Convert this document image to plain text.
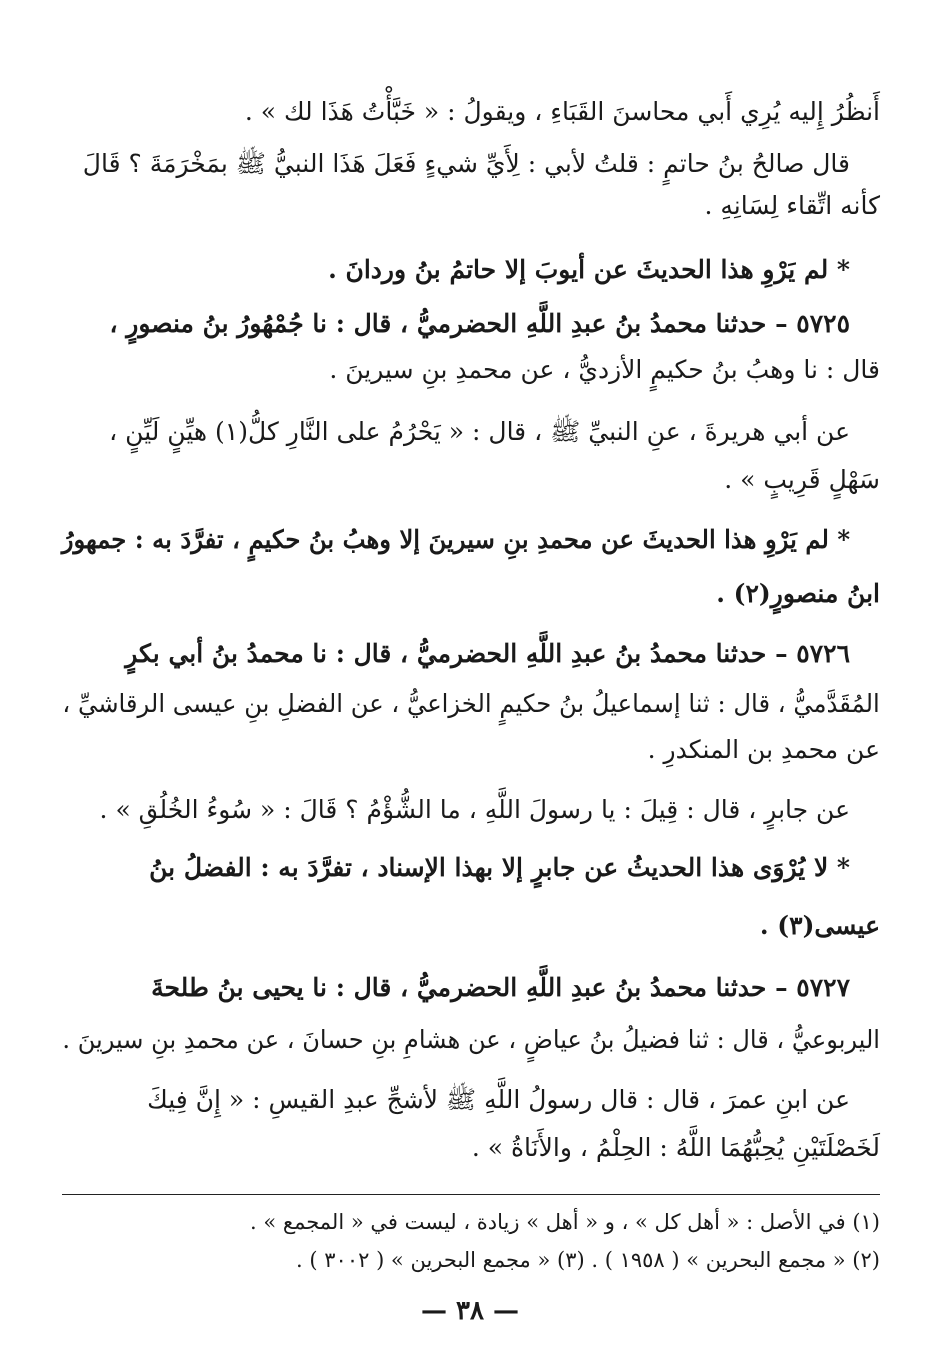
أَنظُرُ إِليه يُرِي أَبي محاسنَ القَبَاءِ ، ويقولُ : « خَبَّأْتُ هَذَا لك » .
قال صالحُ بنُ حاتمٍ : قلتُ لأبي : لِأَيِّ شيءٍ فَعَلَ هَذَا النبيُّ ﷺ بمَخْرَمَةَ ؟ قَالَ
كأنه اتِّقاء لِسَانِهِ .
* لم يَرْوِ هذا الحديثَ عن أيوبَ إلا حاتمُ بنُ وردانَ .
٥٧٢٥ – حدثنا محمدُ بنُ عبدِ اللَّهِ الحضرميُّ ، قال : نا جُمْهُورُ بنُ منصورٍ ،
قال : نا وهبُ بنُ حكيمٍ الأزديُّ ، عن محمدِ بنِ سيرينَ .
عن أبي هريرةَ ، عنِ النبيِّ ﷺ ، قال : « يَحْرُمُ على النَّارِ كلُّ(١) هيِّنٍ لَيِّنٍ ،
سَهْلٍ قَرِيبٍ » .
* لم يَرْوِ هذا الحديثَ عن محمدِ بنِ سيرينَ إلا وهبُ بنُ حكيمٍ ، تفرَّدَ به : جمهورُ
ابنُ منصورٍ(٢) .
٥٧٢٦ – حدثنا محمدُ بنُ عبدِ اللَّهِ الحضرميُّ ، قال : نا محمدُ بنُ أبي بكرٍ
المُقَدَّميُّ ، قال : ثنا إسماعيلُ بنُ حكيمٍ الخزاعيُّ ، عن الفضلِ بنِ عيسى الرقاشيِّ ،
عن محمدِ بن المنكدرِ .
عن جابرٍ ، قال : قِيلَ : يا رسولَ اللَّهِ ، ما الشُّؤْمُ ؟ قَالَ : « سُوءُ الخُلُقِ » .
* لا يُرْوَى هذا الحديثُ عن جابرٍ إلا بهذا الإسناد ، تفرَّدَ به : الفضلُ بنُ
عيسى(٣) .
٥٧٢٧ – حدثنا محمدُ بنُ عبدِ اللَّهِ الحضرميُّ ، قال : نا يحيى بنُ طلحةَ
اليربوعيُّ ، قال : ثنا فضيلُ بنُ عياضٍ ، عن هشامِ بنِ حسانَ ، عن محمدِ بنِ سيرينَ .
عن ابنِ عمرَ ، قال : قال رسولُ اللَّهِ ﷺ لأشجِّ عبدِ القيسِ : « إِنَّ فِيكَ
لَخَصْلَتَيْنِ يُحِبُّهُمَا اللَّهُ : الحِلْمُ ، والأَنَاةُ » .
(١) في الأصل : « أهل كل » ، و « أهل » زيادة ، ليست في « المجمع » .
(٢) « مجمع البحرين » ( ١٩٥٨ ) . (٣) « مجمع البحرين » ( ٣٠٠٢ ) .
— ٣٨ —
